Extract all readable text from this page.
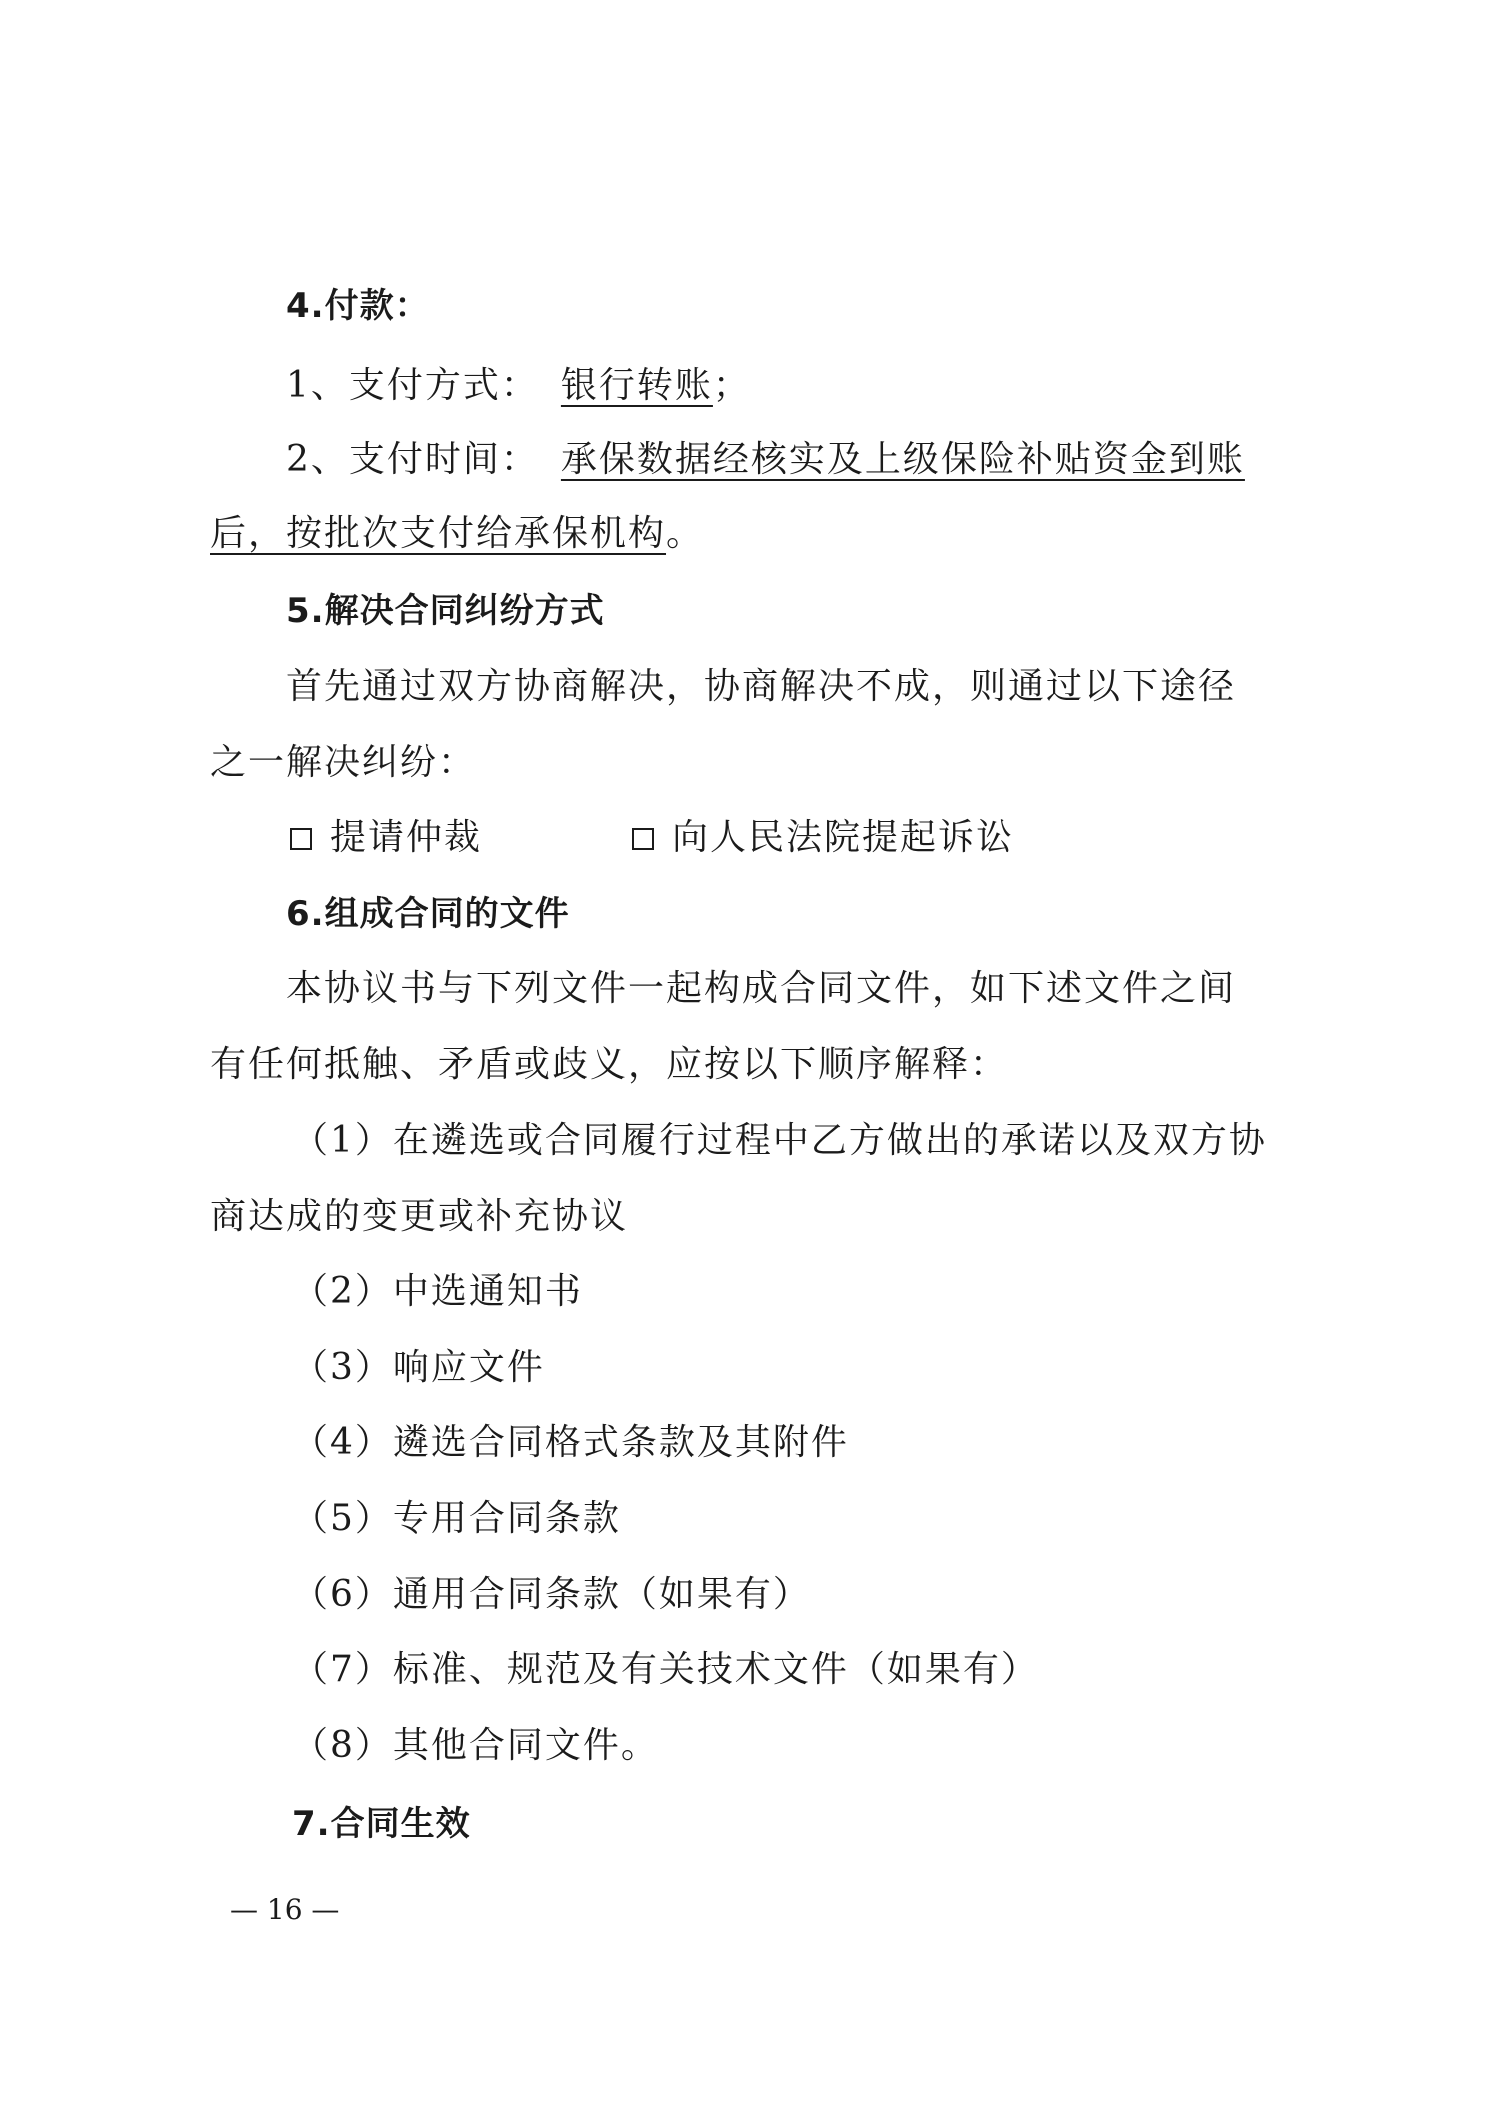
4.付款：
1、支付方式： 银行转账；
2、支付时间： 承保数据经核实及上级保险补贴资金到账
后，按批次支付给承保机构。
5.解决合同纠纷方式
首先通过双方协商解决，协商解决不成，则通过以下途径
之一解决纠纷：
提请仲裁	向人民法院提起诉讼
6.组成合同的文件
本协议书与下列文件一起构成合同文件，如下述文件之间
有任何抵触、矛盾或歧义，应按以下顺序解释：
（1）在遴选或合同履行过程中乙方做出的承诺以及双方协
商达成的变更或补充协议
（2）中选通知书
（3）响应文件
（4）遴选合同格式条款及其附件
（5）专用合同条款
（6）通用合同条款（如果有）
（7）标准、规范及有关技术文件（如果有）
（8）其他合同文件。
7.合同生效
— 16 —
